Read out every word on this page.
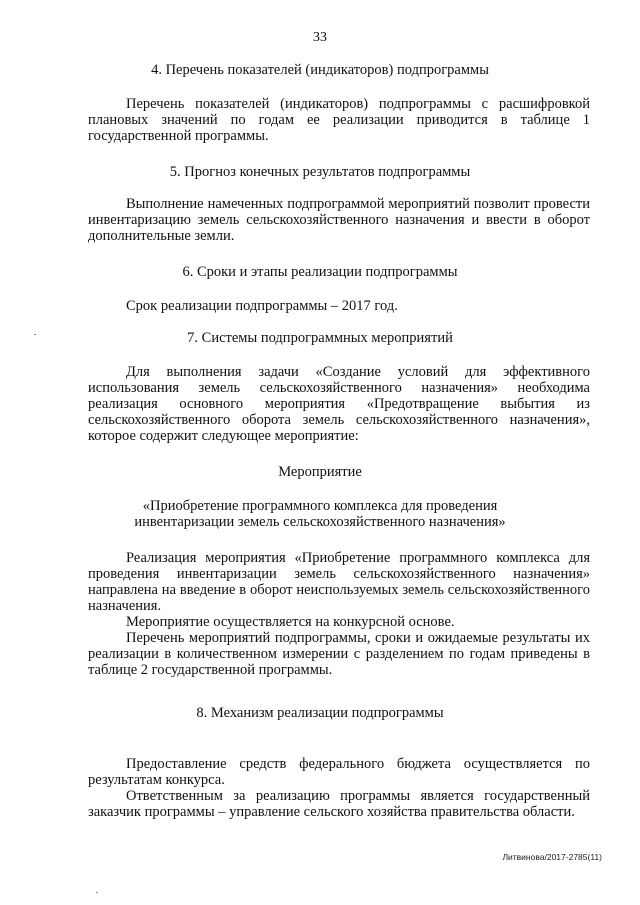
33
4. Перечень показателей (индикаторов) подпрограммы

Перечень показателей (индикаторов) подпрограммы с расшифровкой плановых значений по годам ее реализации приводится в таблице 1 государственной программы.

5. Прогноз конечных результатов подпрограммы

Выполнение намеченных подпрограммой мероприятий позволит провести инвентаризацию земель сельскохозяйственного назначения и ввести в оборот дополнительные земли.

6. Сроки и этапы реализации подпрограммы

Срок реализации подпрограммы – 2017 год.

7. Системы подпрограммных мероприятий

Для выполнения задачи «Создание условий для эффективного использования земель сельскохозяйственного назначения» необходима реализация основного мероприятия «Предотвращение выбытия из сельскохозяйственного оборота земель сельскохозяйственного назначения», которое содержит следующее мероприятие:

Мероприятие
«Приобретение программного комплекса для проведения
инвентаризации земель сельскохозяйственного назначения»

Реализация мероприятия «Приобретение программного комплекса для проведения инвентаризации земель сельскохозяйственного назначения» направлена на введение в оборот неиспользуемых земель сельскохозяйственного назначения.

Мероприятие осуществляется на конкурсной основе.

Перечень мероприятий подпрограммы, сроки и ожидаемые результаты их реализации в количественном измерении с разделением по годам приведены в таблице 2 государственной программы.

8. Механизм реализации подпрограммы

Предоставление средств федерального бюджета осуществляется по результатам конкурса.

Ответственным за реализацию программы является государственный заказчик программы – управление сельского хозяйства правительства области.

Литвинова/2017-2785(11)
